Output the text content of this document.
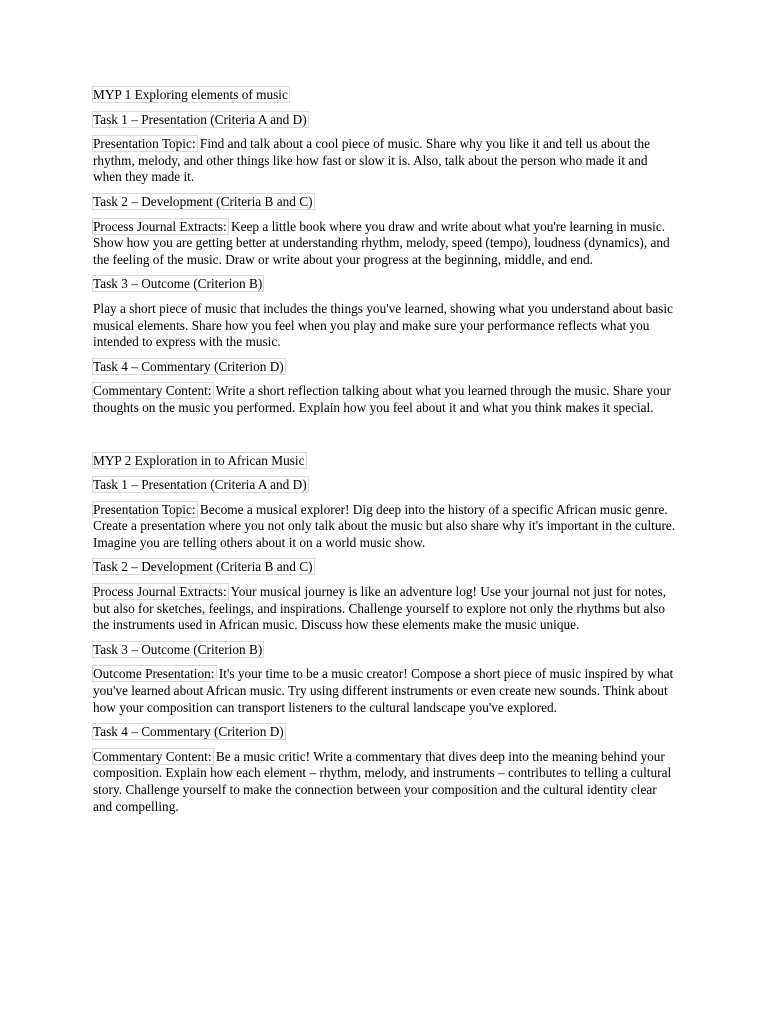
MYP 1 Exploring elements of music

Task 1 – Presentation (Criteria A and D)

Presentation Topic: Find and talk about a cool piece of music. Share why you like it and tell us about the rhythm, melody, and other things like how fast or slow it is. Also, talk about the person who made it and when they made it.

Task 2 – Development (Criteria B and C)

Process Journal Extracts: Keep a little book where you draw and write about what you're learning in music. Show how you are getting better at understanding rhythm, melody, speed (tempo), loudness (dynamics), and the feeling of the music. Draw or write about your progress at the beginning, middle, and end.

Task 3 – Outcome (Criterion B)

Play a short piece of music that includes the things you've learned, showing what you understand about basic musical elements. Share how you feel when you play and make sure your performance reflects what you intended to express with the music.

Task 4 – Commentary (Criterion D)

Commentary Content: Write a short reflection talking about what you learned through the music. Share your thoughts on the music you performed. Explain how you feel about it and what you think makes it special.

MYP 2 Exploration in to African Music

Task 1 – Presentation (Criteria A and D)

Presentation Topic: Become a musical explorer! Dig deep into the history of a specific African music genre. Create a presentation where you not only talk about the music but also share why it's important in the culture. Imagine you are telling others about it on a world music show.

Task 2 – Development (Criteria B and C)

Process Journal Extracts: Your musical journey is like an adventure log! Use your journal not just for notes, but also for sketches, feelings, and inspirations. Challenge yourself to explore not only the rhythms but also the instruments used in African music. Discuss how these elements make the music unique.

Task 3 – Outcome (Criterion B)

Outcome Presentation: It's your time to be a music creator! Compose a short piece of music inspired by what you've learned about African music. Try using different instruments or even create new sounds. Think about how your composition can transport listeners to the cultural landscape you've explored.

Task 4 – Commentary (Criterion D)

Commentary Content: Be a music critic! Write a commentary that dives deep into the meaning behind your composition. Explain how each element – rhythm, melody, and instruments – contributes to telling a cultural story. Challenge yourself to make the connection between your composition and the cultural identity clear and compelling.
